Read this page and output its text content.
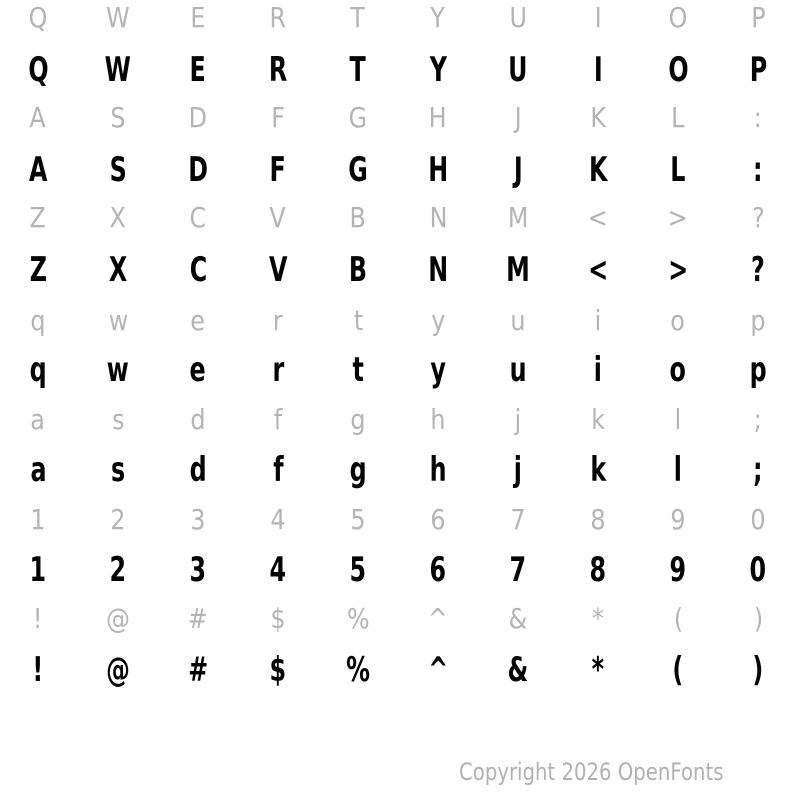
Q W E R T Y U I O P
Q W E R T Y U I O P
A S D F G H J K L :
A S D F G H J K L :
Z X C V B N M < > ?
Z X C V B N M < > ?
q w e r	t y u i o p
q w e r t y u i o p
a s d f g h j k l	;
a s d f g h j k l ;
1 2 3 4 5 6 7 8 9 0
1 2 3 4 5 6 7 8 9 0
! @ # $ % ^ & * (	)
! @ # $ % ^ & * ( )
Copyright 2026 OpenFonts
